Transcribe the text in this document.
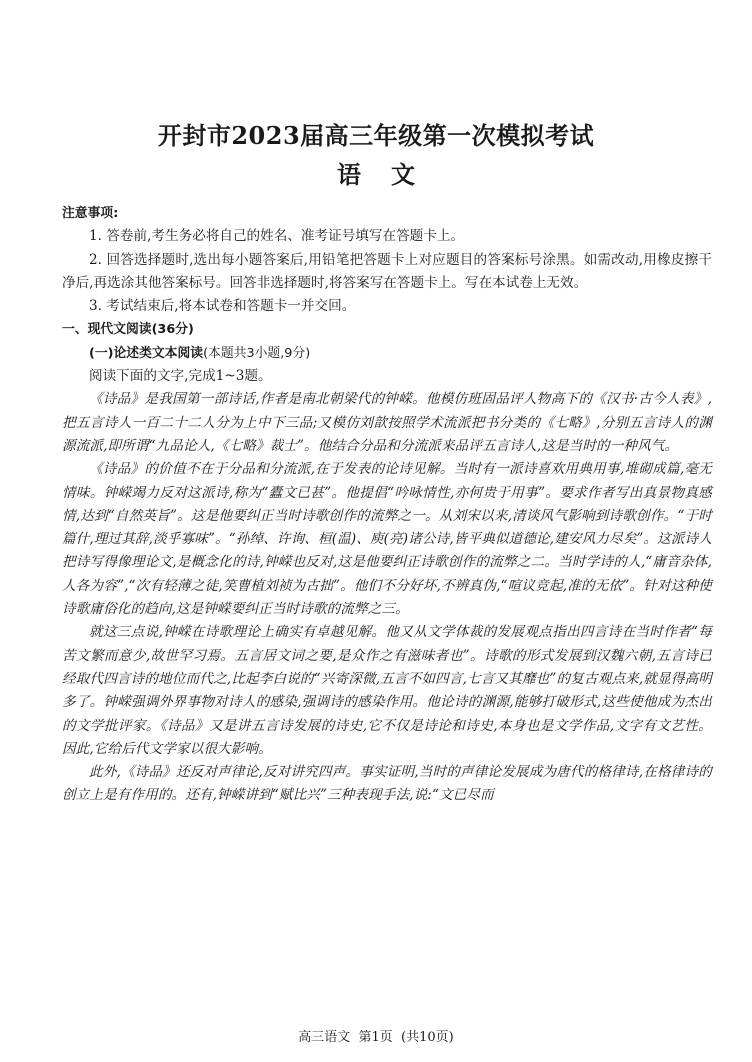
开封市2023届高三年级第一次模拟考试
语文

注意事项:

1. 答卷前,考生务必将自己的姓名、准考证号填写在答题卡上。

2. 回答选择题时,选出每小题答案后,用铅笔把答题卡上对应题目的答案标号涂黑。如需改动,用橡皮擦干净后,再选涂其他答案标号。回答非选择题时,将答案写在答题卡上。写在本试卷上无效。

3. 考试结束后,将本试卷和答题卡一并交回。

一、现代文阅读(36分)

(一)论述类文本阅读(本题共3小题,9分)

阅读下面的文字,完成1~3题。

《诗品》是我国第一部诗话,作者是南北朝梁代的钟嵘。他模仿班固品评人物高下的《汉书·古今人表》,把五言诗人一百二十二人分为上中下三品;又模仿刘歆按照学术流派把书分类的《七略》,分别五言诗人的渊源流派,即所谓“九品论人,《七略》裁士”。他结合分品和分流派来品评五言诗人,这是当时的一种风气。

《诗品》的价值不在于分品和分流派,在于发表的论诗见解。当时有一派诗喜欢用典用事,堆砌成篇,毫无情味。钟嵘竭力反对这派诗,称为“蠹文已甚”。他提倡“吟咏情性,亦何贵于用事”。要求作者写出真景物真感情,达到“自然英旨”。这是他要纠正当时诗歌创作的流弊之一。从刘宋以来,清谈风气影响到诗歌创作。“于时篇什,理过其辞,淡乎寡味”。“孙绰、许询、桓(温)、庾(亮)诸公诗,皆平典似道德论,建安风力尽矣”。这派诗人把诗写得像理论文,是概念化的诗,钟嵘也反对,这是他要纠正诗歌创作的流弊之二。当时学诗的人,“庸音杂体,人各为容”,“次有轻薄之徒,笑曹植刘祯为古拙”。他们不分好坏,不辨真伪,“喧议竞起,准的无依”。针对这种使诗歌庸俗化的趋向,这是钟嵘要纠正当时诗歌的流弊之三。

就这三点说,钟嵘在诗歌理论上确实有卓越见解。他又从文学体裁的发展观点指出四言诗在当时作者“每苦文繁而意少,故世罕习焉。五言居文词之要,是众作之有滋味者也”。诗歌的形式发展到汉魏六朝,五言诗已经取代四言诗的地位而代之,比起李白说的“兴寄深微,五言不如四言,七言又其靡也”的复古观点来,就显得高明多了。钟嵘强调外界事物对诗人的感染,强调诗的感染作用。他论诗的渊源,能够打破形式,这些使他成为杰出的文学批评家。《诗品》又是讲五言诗发展的诗史,它不仅是诗论和诗史,本身也是文学作品,文字有文艺性。因此,它给后代文学家以很大影响。

此外,《诗品》还反对声律论,反对讲究四声。事实证明,当时的声律论发展成为唐代的格律诗,在格律诗的创立上是有作用的。还有,钟嵘讲到“赋比兴”三种表现手法,说:“文已尽而

高三语文  第1页  (共10页)
